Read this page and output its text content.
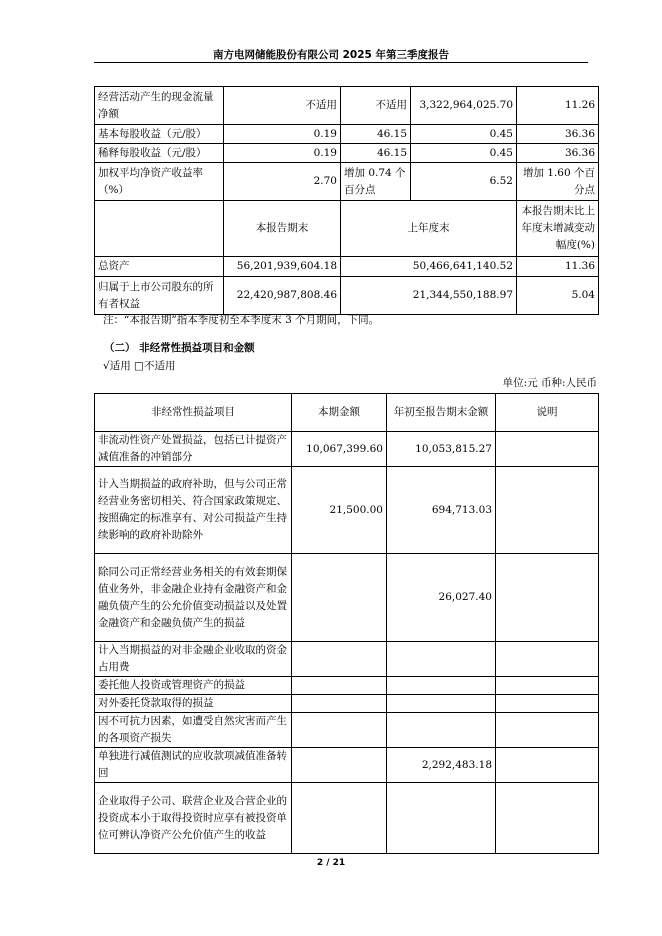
南方电网储能股份有限公司 2025 年第三季度报告
经营活动产生的现金流量净额	不适用	不适用	3,322,964,025.70	11.26
基本每股收益（元/股）	0.19	46.15	0.45	36.36
稀释每股收益（元/股）	0.19	46.15	0.45	36.36
加权平均净资产收益率（%）	2.70	增加 0.74 个百分点	6.52	增加 1.60 个百分点
	本报告期末	上年度末		本报告期末比上年度末增减变动幅度(%)
总资产	56,201,939,604.18	50,466,641,140.52		11.36
归属于上市公司股东的所有者权益	22,420,987,808.46	21,344,550,188.97		5.04
注：“本报告期”指本季度初至本季度末 3 个月期间，下同。
（二） 非经常性损益项目和金额
√适用 □不适用
单位:元 币种:人民币
非经常性损益项目	本期金额	年初至报告期末金额	说明
非流动性资产处置损益，包括已计提资产减值准备的冲销部分	10,067,399.60	10,053,815.27	
计入当期损益的政府补助，但与公司正常经营业务密切相关、符合国家政策规定、按照确定的标准享有、对公司损益产生持续影响的政府补助除外	21,500.00	694,713.03	
除同公司正常经营业务相关的有效套期保值业务外，非金融企业持有金融资产和金融负债产生的公允价值变动损益以及处置金融资产和金融负债产生的损益		26,027.40	
计入当期损益的对非金融企业收取的资金占用费			
委托他人投资或管理资产的损益			
对外委托贷款取得的损益			
因不可抗力因素，如遭受自然灾害而产生的各项资产损失			
单独进行减值测试的应收款项减值准备转回		2,292,483.18	
企业取得子公司、联营企业及合营企业的投资成本小于取得投资时应享有被投资单位可辨认净资产公允价值产生的收益			
2 / 21
